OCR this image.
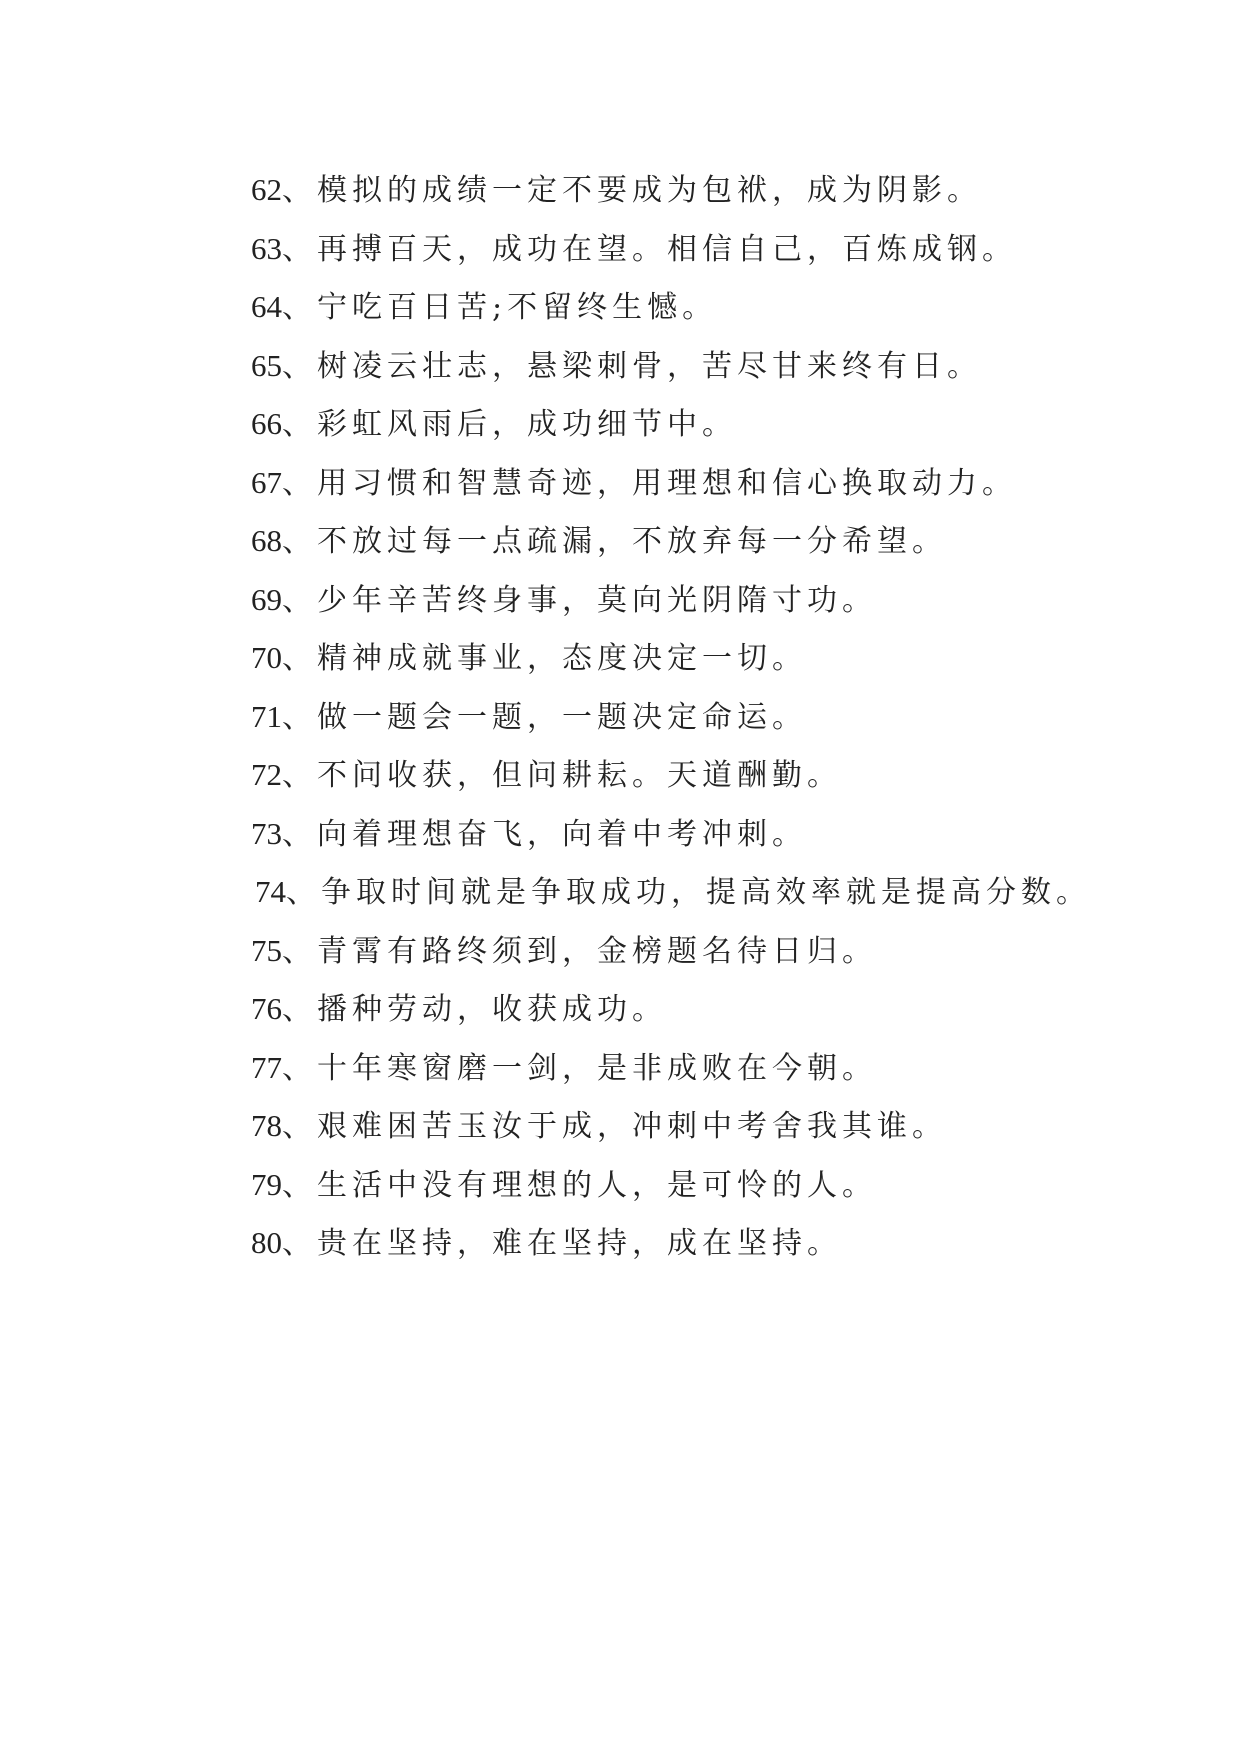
62、模拟的成绩一定不要成为包袱，成为阴影。
63、再搏百天，成功在望。相信自己，百炼成钢。
64、宁吃百日苦;不留终生憾。
65、树凌云壮志，悬梁刺骨，苦尽甘来终有日。
66、彩虹风雨后，成功细节中。
67、用习惯和智慧奇迹，用理想和信心换取动力。
68、不放过每一点疏漏，不放弃每一分希望。
69、少年辛苦终身事，莫向光阴隋寸功。
70、精神成就事业，态度决定一切。
71、做一题会一题，一题决定命运。
72、不问收获，但问耕耘。天道酬勤。
73、向着理想奋飞，向着中考冲刺。
74、争取时间就是争取成功，提高效率就是提高分数。
75、青霄有路终须到，金榜题名待日归。
76、播种劳动，收获成功。
77、十年寒窗磨一剑，是非成败在今朝。
78、艰难困苦玉汝于成，冲刺中考舍我其谁。
79、生活中没有理想的人，是可怜的人。
80、贵在坚持，难在坚持，成在坚持。
